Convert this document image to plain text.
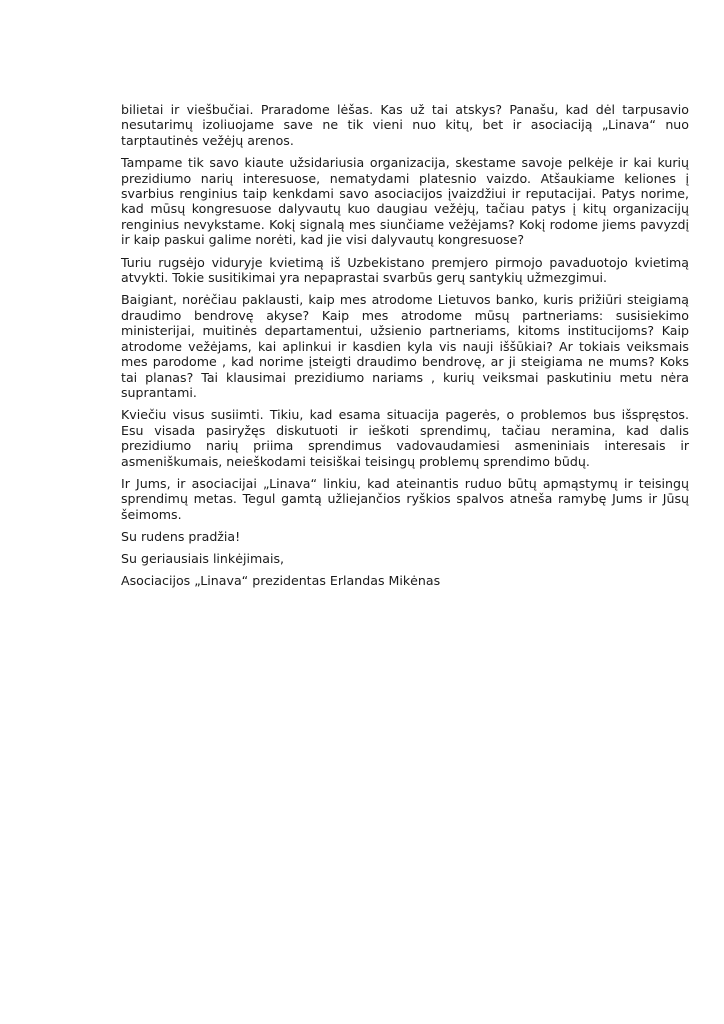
bilietai ir viešbučiai. Praradome lėšas. Kas už tai atskys? Panašu, kad dėl tarpusavio nesutarimų izoliuojame save ne tik vieni nuo kitų, bet ir asociaciją „Linava“ nuo tarptautinės vežėjų arenos.

Tampame tik savo kiaute užsidariusia organizacija, skestame savoje pelkėje ir kai kurių prezidiumo narių interesuose, nematydami platesnio vaizdo. Atšaukiame keliones į svarbius renginius taip kenkdami savo asociacijos įvaizdžiui ir reputacijai. Patys norime, kad mūsų kongresuose dalyvautų kuo daugiau vežėjų, tačiau patys į kitų organizacijų renginius nevykstame. Kokį signalą mes siunčiame vežėjams? Kokį rodome jiems pavyzdį ir kaip paskui galime norėti, kad jie visi dalyvautų kongresuose?

Turiu rugsėjo viduryje kvietimą iš Uzbekistano premjero pirmojo pavaduotojo kvietimą atvykti. Tokie susitikimai yra nepaprastai svarbūs gerų santykių užmezgimui.

Baigiant, norėčiau paklausti, kaip mes atrodome Lietuvos banko, kuris prižiūri steigiamą draudimo bendrovę akyse? Kaip mes atrodome mūsų partneriams: susisiekimo ministerijai, muitinės departamentui, užsienio partneriams, kitoms institucijoms? Kaip atrodome vežėjams, kai aplinkui ir kasdien kyla vis nauji iššūkiai? Ar tokiais veiksmais mes parodome , kad norime įsteigti draudimo bendrovę, ar ji steigiama ne mums? Koks tai planas? Tai klausimai prezidiumo nariams , kurių veiksmai paskutiniu metu nėra suprantami.

Kviečiu visus susiimti. Tikiu, kad esama situacija pagerės, o problemos bus išspręstos. Esu visada pasiryžęs diskutuoti ir ieškoti sprendimų, tačiau neramina, kad dalis prezidiumo narių priima sprendimus vadovaudamiesi asmeniniais interesais ir asmeniškumais, neieškodami teisiškai teisingų problemų sprendimo būdų.

Ir Jums, ir asociacijai „Linava“ linkiu, kad ateinantis ruduo būtų apmąstymų ir teisingų sprendimų metas. Tegul gamtą užliejančios ryškios spalvos atneša ramybę Jums ir Jūsų šeimoms.

Su rudens pradžia!

Su geriausiais linkėjimais,

Asociacijos „Linava“ prezidentas Erlandas Mikėnas
